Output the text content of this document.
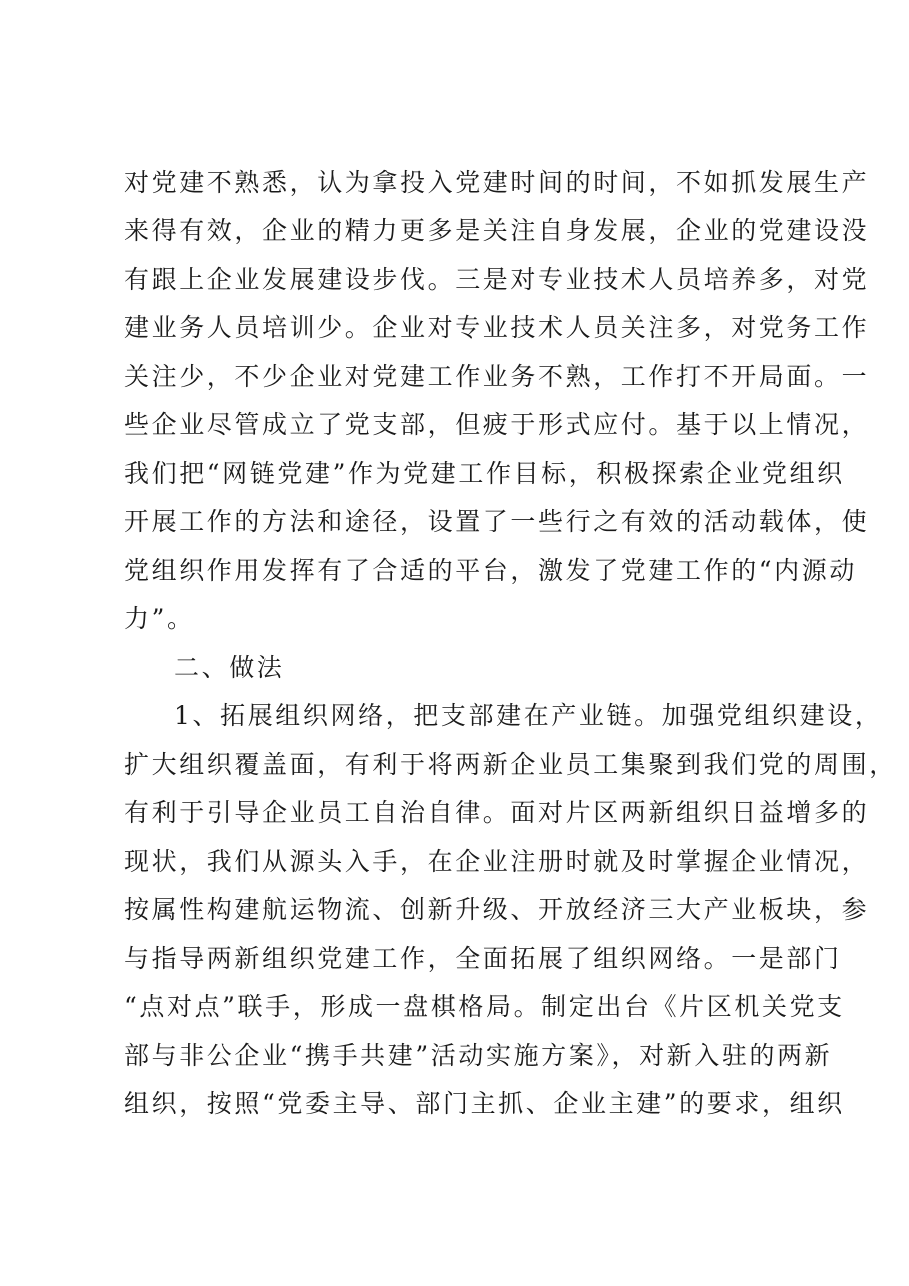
对党建不熟悉，认为拿投入党建时间的时间，不如抓发展生产
来得有效，企业的精力更多是关注自身发展，企业的党建设没
有跟上企业发展建设步伐。三是对专业技术人员培养多，对党
建业务人员培训少。企业对专业技术人员关注多，对党务工作
关注少，不少企业对党建工作业务不熟，工作打不开局面。一
些企业尽管成立了党支部，但疲于形式应付。基于以上情况，
我们把“网链党建”作为党建工作目标，积极探索企业党组织
开展工作的方法和途径，设置了一些行之有效的活动载体，使
党组织作用发挥有了合适的平台，激发了党建工作的“内源动
力”。
二、做法
1、拓展组织网络，把支部建在产业链。加强党组织建设，
扩大组织覆盖面，有利于将两新企业员工集聚到我们党的周围，
有利于引导企业员工自治自律。面对片区两新组织日益增多的
现状，我们从源头入手，在企业注册时就及时掌握企业情况，
按属性构建航运物流、创新升级、开放经济三大产业板块，参
与指导两新组织党建工作，全面拓展了组织网络。一是部门
“点对点”联手，形成一盘棋格局。制定出台《片区机关党支
部与非公企业“携手共建”活动实施方案》，对新入驻的两新
组织，按照“党委主导、部门主抓、企业主建”的要求，组织
